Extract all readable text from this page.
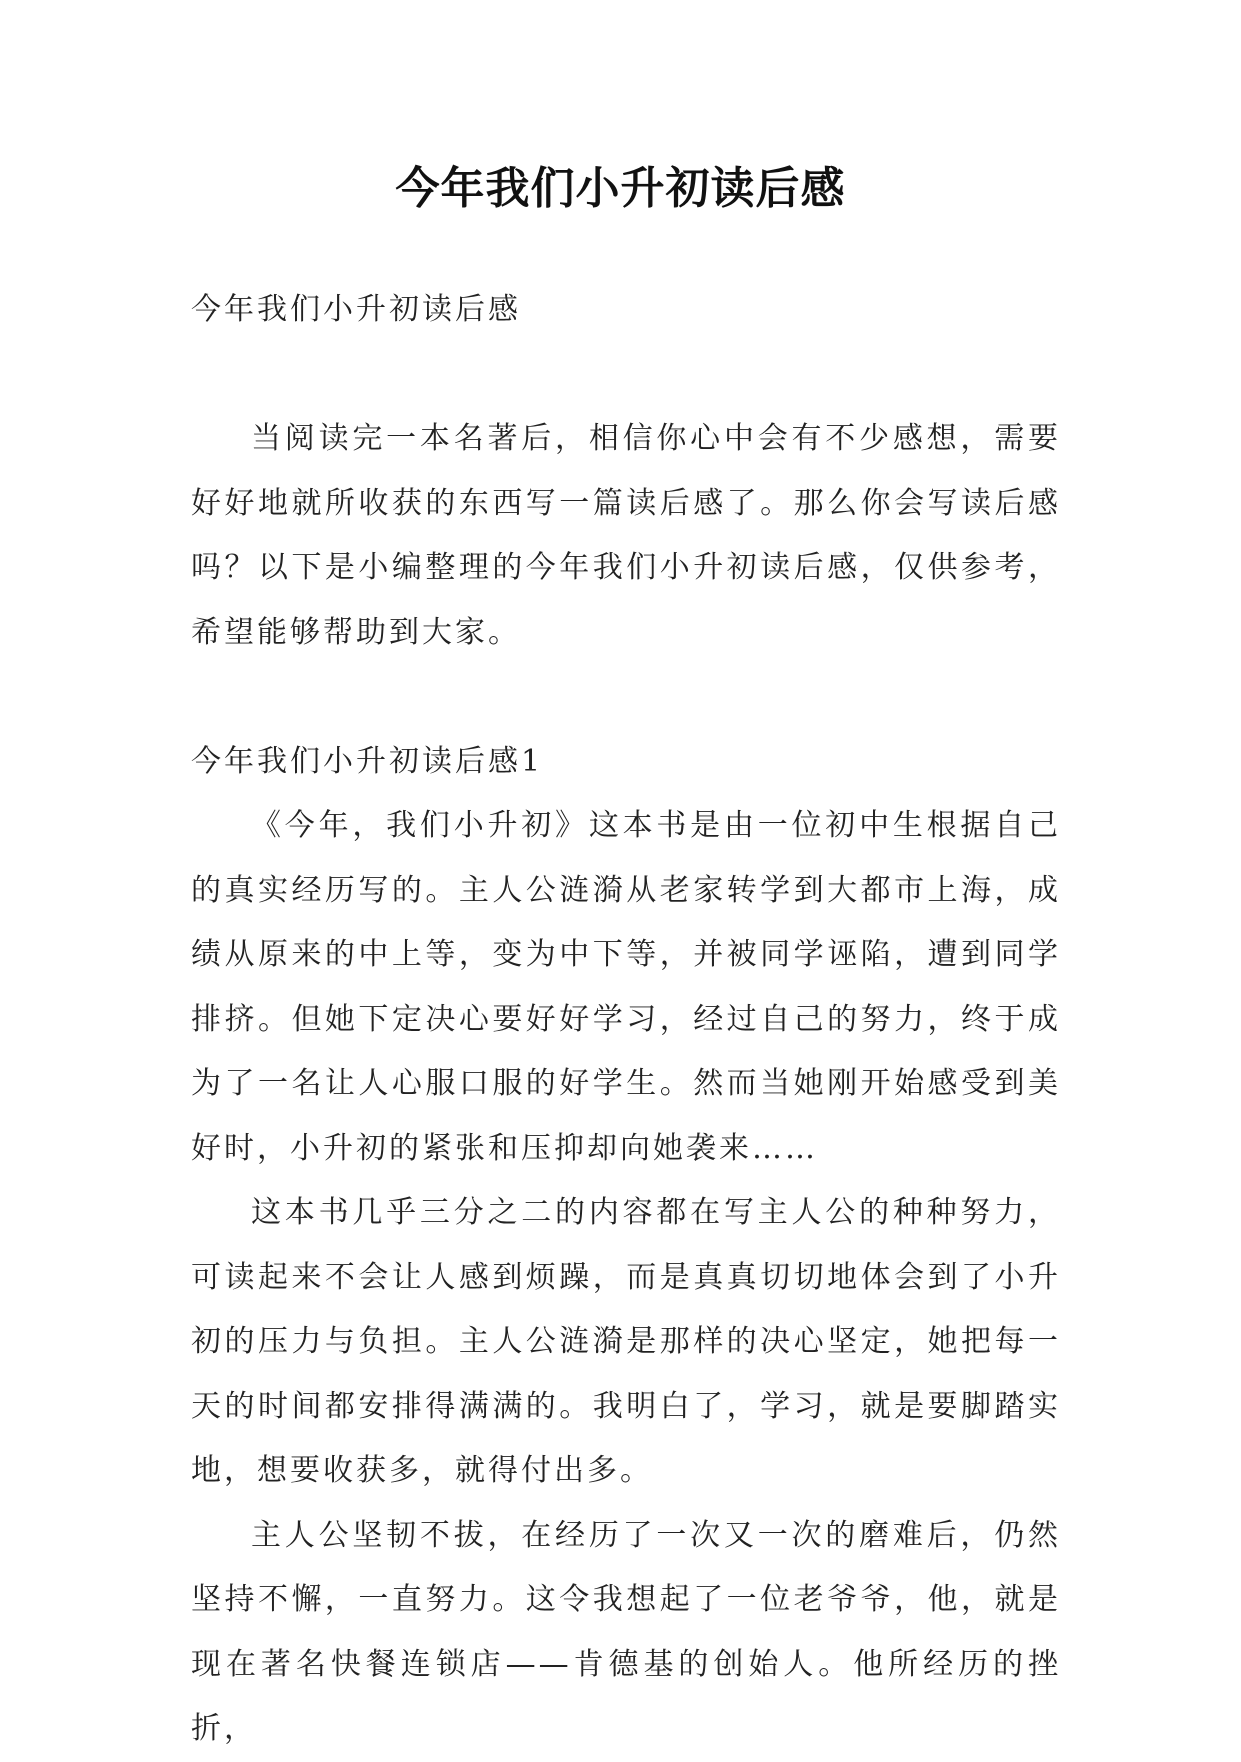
今年我们小升初读后感

今年我们小升初读后感

当阅读完一本名著后，相信你心中会有不少感想，需要好好地就所收获的东西写一篇读后感了。那么你会写读后感吗？以下是小编整理的今年我们小升初读后感，仅供参考，希望能够帮助到大家。

今年我们小升初读后感1

《今年，我们小升初》这本书是由一位初中生根据自己的真实经历写的。主人公涟漪从老家转学到大都市上海，成绩从原来的中上等，变为中下等，并被同学诬陷，遭到同学排挤。但她下定决心要好好学习，经过自己的努力，终于成为了一名让人心服口服的好学生。然而当她刚开始感受到美好时，小升初的紧张和压抑却向她袭来……

这本书几乎三分之二的内容都在写主人公的种种努力，可读起来不会让人感到烦躁，而是真真切切地体会到了小升初的压力与负担。主人公涟漪是那样的决心坚定，她把每一天的时间都安排得满满的。我明白了，学习，就是要脚踏实地，想要收获多，就得付出多。

主人公坚韧不拔，在经历了一次又一次的磨难后，仍然坚持不懈，一直努力。这令我想起了一位老爷爷，他，就是现在著名快餐连锁店——肯德基的创始人。他所经历的挫折，
